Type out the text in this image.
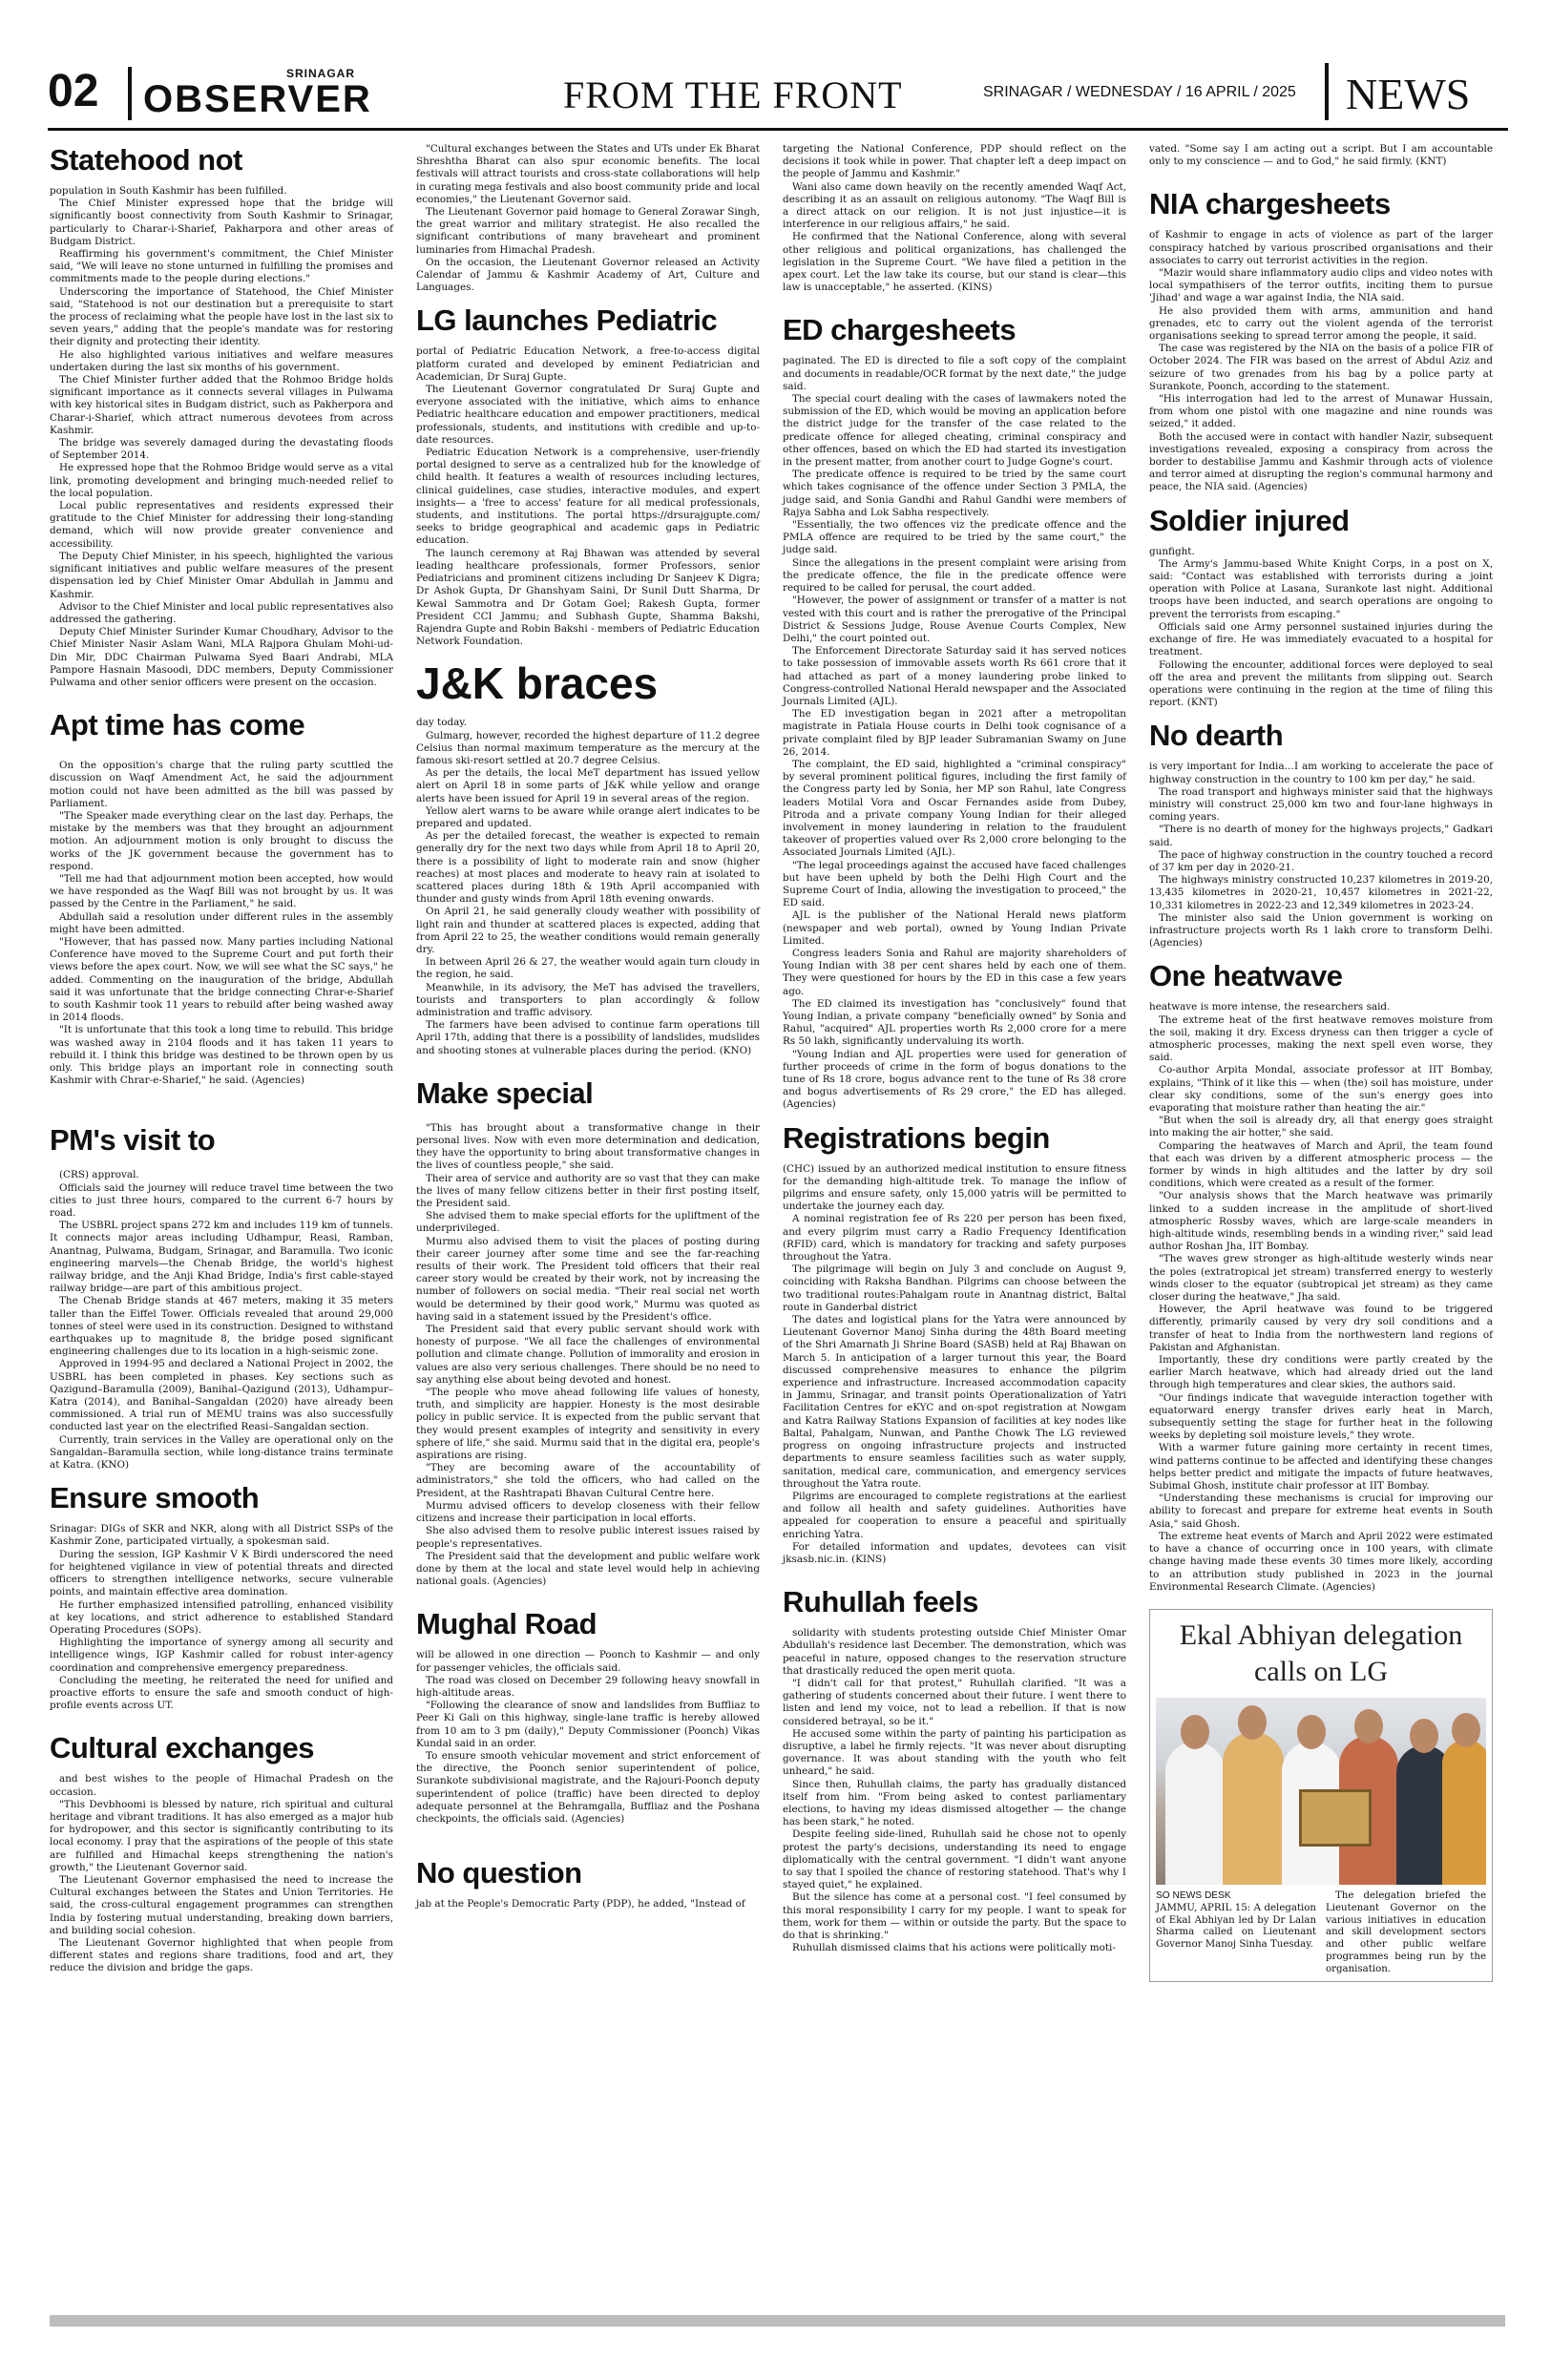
02	SRINAGAR
OBSERVER	FROM THE FRONT	SRINAGAR / WEDNESDAY / 16 APRIL / 2025 NEWS
Statehood not

population in South Kashmir has been fulfilled.

The Chief Minister expressed hope that the bridge will significantly boost connectivity from South Kashmir to Srinagar, particularly to Charar-i-Sharief, Pakharpora and other areas of Budgam District.

Reaffirming his government's commitment, the Chief Minister said, "We will leave no stone unturned in fulfilling the promises and commitments made to the people during elections."

Underscoring the importance of Statehood, the Chief Minister said, "Statehood is not our destination but a prerequisite to start the process of reclaiming what the people have lost in the last six to seven years," adding that the people's mandate was for restoring their dignity and protecting their identity.

He also highlighted various initiatives and welfare measures undertaken during the last six months of his government.

The Chief Minister further added that the Rohmoo Bridge holds significant importance as it connects several villages in Pulwama with key historical sites in Budgam district, such as Pakherpora and Charar-i-Sharief, which attract numerous devotees from across Kashmir.

The bridge was severely damaged during the devastating floods of September 2014.

He expressed hope that the Rohmoo Bridge would serve as a vital link, promoting development and bringing much-needed relief to the local population.

Local public representatives and residents expressed their gratitude to the Chief Minister for addressing their long-standing demand, which will now provide greater convenience and accessibility.

The Deputy Chief Minister, in his speech, highlighted the various significant initiatives and public welfare measures of the present dispensation led by Chief Minister Omar Abdullah in Jammu and Kashmir.

Advisor to the Chief Minister and local public representatives also addressed the gathering.

Deputy Chief Minister Surinder Kumar Choudhary, Advisor to the Chief Minister Nasir Aslam Wani, MLA Rajpora Ghulam Mohi-ud-Din Mir, DDC Chairman Pulwama Syed Baari Andrabi, MLA Pampore Hasnain Masoodi, DDC members, Deputy Commissioner Pulwama and other senior officers were present on the occasion.

Apt time has come

On the opposition's charge that the ruling party scuttled the discussion on Waqf Amendment Act, he said the adjournment motion could not have been admitted as the bill was passed by Parliament.

"The Speaker made everything clear on the last day. Perhaps, the mistake by the members was that they brought an adjournment motion. An adjournment motion is only brought to discuss the works of the JK government because the government has to respond.

"Tell me had that adjournment motion been accepted, how would we have responded as the Waqf Bill was not brought by us. It was passed by the Centre in the Parliament," he said.

Abdullah said a resolution under different rules in the assembly might have been admitted.

"However, that has passed now. Many parties including National Conference have moved to the Supreme Court and put forth their views before the apex court. Now, we will see what the SC says," he added. Commenting on the inauguration of the bridge, Abdullah said it was unfortunate that the bridge connecting Chrar-e-Sharief to south Kashmir took 11 years to rebuild after being washed away in 2014 floods.

"It is unfortunate that this took a long time to rebuild. This bridge was washed away in 2104 floods and it has taken 11 years to rebuild it. I think this bridge was destined to be thrown open by us only. This bridge plays an important role in connecting south Kashmir with Chrar-e-Sharief," he said. (Agencies)

PM's visit to

(CRS) approval.

Officials said the journey will reduce travel time between the two cities to just three hours, compared to the current 6-7 hours by road.

The USBRL project spans 272 km and includes 119 km of tunnels. It connects major areas including Udhampur, Reasi, Ramban, Anantnag, Pulwama, Budgam, Srinagar, and Baramulla. Two iconic engineering marvels—the Chenab Bridge, the world's highest railway bridge, and the Anji Khad Bridge, India's first cable-stayed railway bridge—are part of this ambitious project.

The Chenab Bridge stands at 467 meters, making it 35 meters taller than the Eiffel Tower. Officials revealed that around 29,000 tonnes of steel were used in its construction. Designed to withstand earthquakes up to magnitude 8, the bridge posed significant engineering challenges due to its location in a high-seismic zone.

Approved in 1994-95 and declared a National Project in 2002, the USBRL has been completed in phases. Key sections such as Qazigund–Baramulla (2009), Banihal–Qazigund (2013), Udhampur–Katra (2014), and Banihal–Sangaldan (2020) have already been commissioned. A trial run of MEMU trains was also successfully conducted last year on the electrified Reasi–Sangaldan section.

Currently, train services in the Valley are operational only on the Sangaldan–Baramulla section, while long-distance trains terminate at Katra. (KNO)

Ensure smooth

Srinagar: DIGs of SKR and NKR, along with all District SSPs of the Kashmir Zone, participated virtually, a spokesman said.

During the session, IGP Kashmir V K Birdi underscored the need for heightened vigilance in view of potential threats and directed officers to strengthen intelligence networks, secure vulnerable points, and maintain effective area domination.

He further emphasized intensified patrolling, enhanced visibility at key locations, and strict adherence to established Standard Operating Procedures (SOPs).

Highlighting the importance of synergy among all security and intelligence wings, IGP Kashmir called for robust inter-agency coordination and comprehensive emergency preparedness.

Concluding the meeting, he reiterated the need for unified and proactive efforts to ensure the safe and smooth conduct of high-profile events across UT.

Cultural exchanges

and best wishes to the people of Himachal Pradesh on the occasion.

"This Devbhoomi is blessed by nature, rich spiritual and cultural heritage and vibrant traditions. It has also emerged as a major hub for hydropower, and this sector is significantly contributing to its local economy. I pray that the aspirations of the people of this state are fulfilled and Himachal keeps strengthening the nation's growth," the Lieutenant Governor said.

The Lieutenant Governor emphasised the need to increase the Cultural exchanges between the States and Union Territories. He said, the cross-cultural engagement programmes can strengthen India by fostering mutual understanding, breaking down barriers, and building social cohesion.

The Lieutenant Governor highlighted that when people from different states and regions share traditions, food and art, they reduce the division and bridge the gaps.

"Cultural exchanges between the States and UTs under Ek Bharat Shreshtha Bharat can also spur economic benefits. The local festivals will attract tourists and cross-state collaborations will help in curating mega festivals and also boost community pride and local economies," the Lieutenant Governor said.

The Lieutenant Governor paid homage to General Zorawar Singh, the great warrior and military strategist. He also recalled the significant contributions of many braveheart and prominent luminaries from Himachal Pradesh.

On the occasion, the Lieutenant Governor released an Activity Calendar of Jammu & Kashmir Academy of Art, Culture and Languages.

LG launches Pediatric

portal of Pediatric Education Network, a free-to-access digital platform curated and developed by eminent Pediatrician and Academician, Dr Suraj Gupte.

The Lieutenant Governor congratulated Dr Suraj Gupte and everyone associated with the initiative, which aims to enhance Pediatric healthcare education and empower practitioners, medical professionals, students, and institutions with credible and up-to-date resources.

Pediatric Education Network is a comprehensive, user-friendly portal designed to serve as a centralized hub for the knowledge of child health. It features a wealth of resources including lectures, clinical guidelines, case studies, interactive modules, and expert insights— a 'free to access' feature for all medical professionals, students, and institutions. The portal https://drsurajgupte.com/ seeks to bridge geographical and academic gaps in Pediatric education.

The launch ceremony at Raj Bhawan was attended by several leading healthcare professionals, former Professors, senior Pediatricians and prominent citizens including Dr Sanjeev K Digra; Dr Ashok Gupta, Dr Ghanshyam Saini, Dr Sunil Dutt Sharma, Dr Kewal Sammotra and Dr Gotam Goel; Rakesh Gupta, former President CCI Jammu; and Subhash Gupte, Shamma Bakshi, Rajendra Gupte and Robin Bakshi - members of Pediatric Education Network Foundation.

J&K braces

day today.

Gulmarg, however, recorded the highest departure of 11.2 degree Celsius than normal maximum temperature as the mercury at the famous ski-resort settled at 20.7 degree Celsius.

As per the details, the local MeT department has issued yellow alert on April 18 in some parts of J&K while yellow and orange alerts have been issued for April 19 in several areas of the region.

Yellow alert warns to be aware while orange alert indicates to be prepared and updated.

As per the detailed forecast, the weather is expected to remain generally dry for the next two days while from April 18 to April 20, there is a possibility of light to moderate rain and snow (higher reaches) at most places and moderate to heavy rain at isolated to scattered places during 18th & 19th April accompanied with thunder and gusty winds from April 18th evening onwards.

On April 21, he said generally cloudy weather with possibility of light rain and thunder at scattered places is expected, adding that from April 22 to 25, the weather conditions would remain generally dry.

In between April 26 & 27, the weather would again turn cloudy in the region, he said.

Meanwhile, in its advisory, the MeT has advised the travellers, tourists and transporters to plan accordingly & follow administration and traffic advisory.

The farmers have been advised to continue farm operations till April 17th, adding that there is a possibility of landslides, mudslides and shooting stones at vulnerable places during the period. (KNO)

Make special

"This has brought about a transformative change in their personal lives. Now with even more determination and dedication, they have the opportunity to bring about transformative changes in the lives of countless people," she said.

Their area of service and authority are so vast that they can make the lives of many fellow citizens better in their first posting itself, the President said.

She advised them to make special efforts for the upliftment of the underprivileged.

Murmu also advised them to visit the places of posting during their career journey after some time and see the far-reaching results of their work. The President told officers that their real career story would be created by their work, not by increasing the number of followers on social media. "Their real social net worth would be determined by their good work," Murmu was quoted as having said in a statement issued by the President's office.

The President said that every public servant should work with honesty of purpose. "We all face the challenges of environmental pollution and climate change. Pollution of immorality and erosion in values are also very serious challenges. There should be no need to say anything else about being devoted and honest.

"The people who move ahead following life values of honesty, truth, and simplicity are happier. Honesty is the most desirable policy in public service. It is expected from the public servant that they would present examples of integrity and sensitivity in every sphere of life," she said. Murmu said that in the digital era, people's aspirations are rising.

"They are becoming aware of the accountability of administrators," she told the officers, who had called on the President, at the Rashtrapati Bhavan Cultural Centre here.

Murmu advised officers to develop closeness with their fellow citizens and increase their participation in local efforts.

She also advised them to resolve public interest issues raised by people's representatives.

The President said that the development and public welfare work done by them at the local and state level would help in achieving national goals. (Agencies)

Mughal Road

will be allowed in one direction — Poonch to Kashmir — and only for passenger vehicles, the officials said.

The road was closed on December 29 following heavy snowfall in high-altitude areas.

"Following the clearance of snow and landslides from Buffliaz to Peer Ki Gali on this highway, single-lane traffic is hereby allowed from 10 am to 3 pm (daily)," Deputy Commissioner (Poonch) Vikas Kundal said in an order.

To ensure smooth vehicular movement and strict enforcement of the directive, the Poonch senior superintendent of police, Surankote subdivisional magistrate, and the Rajouri-Poonch deputy superintendent of police (traffic) have been directed to deploy adequate personnel at the Behramgalla, Buffliaz and the Poshana checkpoints, the officials said. (Agencies)

No question

jab at the People's Democratic Party (PDP), he added, "Instead of

targeting the National Conference, PDP should reflect on the decisions it took while in power. That chapter left a deep impact on the people of Jammu and Kashmir."

Wani also came down heavily on the recently amended Waqf Act, describing it as an assault on religious autonomy. "The Waqf Bill is a direct attack on our religion. It is not just injustice—it is interference in our religious affairs," he said.

He confirmed that the National Conference, along with several other religious and political organizations, has challenged the legislation in the Supreme Court. "We have filed a petition in the apex court. Let the law take its course, but our stand is clear—this law is unacceptable," he asserted. (KINS)

ED chargesheets

paginated. The ED is directed to file a soft copy of the complaint and documents in readable/OCR format by the next date," the judge said.

The special court dealing with the cases of lawmakers noted the submission of the ED, which would be moving an application before the district judge for the transfer of the case related to the predicate offence for alleged cheating, criminal conspiracy and other offences, based on which the ED had started its investigation in the present matter, from another court to Judge Gogne's court.

The predicate offence is required to be tried by the same court which takes cognisance of the offence under Section 3 PMLA, the judge said, and Sonia Gandhi and Rahul Gandhi were members of Rajya Sabha and Lok Sabha respectively.

"Essentially, the two offences viz the predicate offence and the PMLA offence are required to be tried by the same court," the judge said.

Since the allegations in the present complaint were arising from the predicate offence, the file in the predicate offence were required to be called for perusal, the court added.

"However, the power of assignment or transfer of a matter is not vested with this court and is rather the prerogative of the Principal District & Sessions Judge, Rouse Avenue Courts Complex, New Delhi," the court pointed out.

The Enforcement Directorate Saturday said it has served notices to take possession of immovable assets worth Rs 661 crore that it had attached as part of a money laundering probe linked to Congress-controlled National Herald newspaper and the Associated Journals Limited (AJL).

The ED investigation began in 2021 after a metropolitan magistrate in Patiala House courts in Delhi took cognisance of a private complaint filed by BJP leader Subramanian Swamy on June 26, 2014.

The complaint, the ED said, highlighted a "criminal conspiracy" by several prominent political figures, including the first family of the Congress party led by Sonia, her MP son Rahul, late Congress leaders Motilal Vora and Oscar Fernandes aside from Dubey, Pitroda and a private company Young Indian for their alleged involvement in money laundering in relation to the fraudulent takeover of properties valued over Rs 2,000 crore belonging to the Associated Journals Limited (AJL).

"The legal proceedings against the accused have faced challenges but have been upheld by both the Delhi High Court and the Supreme Court of India, allowing the investigation to proceed," the ED said.

AJL is the publisher of the National Herald news platform (newspaper and web portal), owned by Young Indian Private Limited.

Congress leaders Sonia and Rahul are majority shareholders of Young Indian with 38 per cent shares held by each one of them. They were questioned for hours by the ED in this case a few years ago.

The ED claimed its investigation has "conclusively" found that Young Indian, a private company "beneficially owned" by Sonia and Rahul, "acquired" AJL properties worth Rs 2,000 crore for a mere Rs 50 lakh, significantly undervaluing its worth.

"Young Indian and AJL properties were used for generation of further proceeds of crime in the form of bogus donations to the tune of Rs 18 crore, bogus advance rent to the tune of Rs 38 crore and bogus advertisements of Rs 29 crore," the ED has alleged. (Agencies)

Registrations begin

(CHC) issued by an authorized medical institution to ensure fitness for the demanding high-altitude trek. To manage the inflow of pilgrims and ensure safety, only 15,000 yatris will be permitted to undertake the journey each day.

A nominal registration fee of Rs 220 per person has been fixed, and every pilgrim must carry a Radio Frequency Identification (RFID) card, which is mandatory for tracking and safety purposes throughout the Yatra.

The pilgrimage will begin on July 3 and conclude on August 9, coinciding with Raksha Bandhan. Pilgrims can choose between the two traditional routes:Pahalgam route in Anantnag district, Baltal route in Ganderbal district

The dates and logistical plans for the Yatra were announced by Lieutenant Governor Manoj Sinha during the 48th Board meeting of the Shri Amarnath Ji Shrine Board (SASB) held at Raj Bhawan on March 5. In anticipation of a larger turnout this year, the Board discussed comprehensive measures to enhance the pilgrim experience and infrastructure. Increased accommodation capacity in Jammu, Srinagar, and transit points Operationalization of Yatri Facilitation Centres for eKYC and on-spot registration at Nowgam and Katra Railway Stations Expansion of facilities at key nodes like Baltal, Pahalgam, Nunwan, and Panthe Chowk The LG reviewed progress on ongoing infrastructure projects and instructed departments to ensure seamless facilities such as water supply, sanitation, medical care, communication, and emergency services throughout the Yatra route.

Pilgrims are encouraged to complete registrations at the earliest and follow all health and safety guidelines. Authorities have appealed for cooperation to ensure a peaceful and spiritually enriching Yatra.

For detailed information and updates, devotees can visit jksasb.nic.in. (KINS)

Ruhullah feels

solidarity with students protesting outside Chief Minister Omar Abdullah's residence last December. The demonstration, which was peaceful in nature, opposed changes to the reservation structure that drastically reduced the open merit quota.

"I didn't call for that protest," Ruhullah clarified. "It was a gathering of students concerned about their future. I went there to listen and lend my voice, not to lead a rebellion. If that is now considered betrayal, so be it."

He accused some within the party of painting his participation as disruptive, a label he firmly rejects. "It was never about disrupting governance. It was about standing with the youth who felt unheard," he said.

Since then, Ruhullah claims, the party has gradually distanced itself from him. "From being asked to contest parliamentary elections, to having my ideas dismissed altogether — the change has been stark," he noted.

Despite feeling side-lined, Ruhullah said he chose not to openly protest the party's decisions, understanding its need to engage diplomatically with the central government. "I didn't want anyone to say that I spoiled the chance of restoring statehood. That's why I stayed quiet," he explained.

But the silence has come at a personal cost. "I feel consumed by this moral responsibility I carry for my people. I want to speak for them, work for them — within or outside the party. But the space to do that is shrinking."

Ruhullah dismissed claims that his actions were politically moti-

vated. "Some say I am acting out a script. But I am accountable only to my conscience — and to God," he said firmly. (KNT)

NIA chargesheets

of Kashmir to engage in acts of violence as part of the larger conspiracy hatched by various proscribed organisations and their associates to carry out terrorist activities in the region.

"Mazir would share inflammatory audio clips and video notes with local sympathisers of the terror outfits, inciting them to pursue 'Jihad' and wage a war against India, the NIA said.

He also provided them with arms, ammunition and hand grenades, etc to carry out the violent agenda of the terrorist organisations seeking to spread terror among the people, it said.

The case was registered by the NIA on the basis of a police FIR of October 2024. The FIR was based on the arrest of Abdul Aziz and seizure of two grenades from his bag by a police party at Surankote, Poonch, according to the statement.

"His interrogation had led to the arrest of Munawar Hussain, from whom one pistol with one magazine and nine rounds was seized," it added.

Both the accused were in contact with handler Nazir, subsequent investigations revealed, exposing a conspiracy from across the border to destabilise Jammu and Kashmir through acts of violence and terror aimed at disrupting the region's communal harmony and peace, the NIA said. (Agencies)

Soldier injured

gunfight.

The Army's Jammu-based White Knight Corps, in a post on X, said: "Contact was established with terrorists during a joint operation with Police at Lasana, Surankote last night. Additional troops have been inducted, and search operations are ongoing to prevent the terrorists from escaping."

Officials said one Army personnel sustained injuries during the exchange of fire. He was immediately evacuated to a hospital for treatment.

Following the encounter, additional forces were deployed to seal off the area and prevent the militants from slipping out. Search operations were continuing in the region at the time of filing this report. (KNT)

No dearth

is very important for India…I am working to accelerate the pace of highway construction in the country to 100 km per day," he said.

The road transport and highways minister said that the highways ministry will construct 25,000 km two and four-lane highways in coming years.

"There is no dearth of money for the highways projects," Gadkari said.

The pace of highway construction in the country touched a record of 37 km per day in 2020-21.

The highways ministry constructed 10,237 kilometres in 2019-20, 13,435 kilometres in 2020-21, 10,457 kilometres in 2021-22, 10,331 kilometres in 2022-23 and 12,349 kilometres in 2023-24.

The minister also said the Union government is working on infrastructure projects worth Rs 1 lakh crore to transform Delhi. (Agencies)

One heatwave

heatwave is more intense, the researchers said.

The extreme heat of the first heatwave removes moisture from the soil, making it dry. Excess dryness can then trigger a cycle of atmospheric processes, making the next spell even worse, they said.

Co-author Arpita Mondal, associate professor at IIT Bombay, explains, "Think of it like this — when (the) soil has moisture, under clear sky conditions, some of the sun's energy goes into evaporating that moisture rather than heating the air."

"But when the soil is already dry, all that energy goes straight into making the air hotter," she said.

Comparing the heatwaves of March and April, the team found that each was driven by a different atmospheric process — the former by winds in high altitudes and the latter by dry soil conditions, which were created as a result of the former.

"Our analysis shows that the March heatwave was primarily linked to a sudden increase in the amplitude of short-lived atmospheric Rossby waves, which are large-scale meanders in high-altitude winds, resembling bends in a winding river," said lead author Roshan Jha, IIT Bombay.

"The waves grew stronger as high-altitude westerly winds near the poles (extratropical jet stream) transferred energy to westerly winds closer to the equator (subtropical jet stream) as they came closer during the heatwave," Jha said.

However, the April heatwave was found to be triggered differently, primarily caused by very dry soil conditions and a transfer of heat to India from the northwestern land regions of Pakistan and Afghanistan.

Importantly, these dry conditions were partly created by the earlier March heatwave, which had already dried out the land through high temperatures and clear skies, the authors said.

"Our findings indicate that waveguide interaction together with equatorward energy transfer drives early heat in March, subsequently setting the stage for further heat in the following weeks by depleting soil moisture levels," they wrote.

With a warmer future gaining more certainty in recent times, wind patterns continue to be affected and identifying these changes helps better predict and mitigate the impacts of future heatwaves, Subimal Ghosh, institute chair professor at IIT Bombay.

"Understanding these mechanisms is crucial for improving our ability to forecast and prepare for extreme heat events in South Asia," said Ghosh.

The extreme heat events of March and April 2022 were estimated to have a chance of occurring once in 100 years, with climate change having made these events 30 times more likely, according to an attribution study published in 2023 in the journal Environmental Research Climate. (Agencies)

Ekal Abhiyan delegation calls on LG

SO NEWS DESK

JAMMU, APRIL 15: A delegation of Ekal Abhiyan led by Dr Lalan Sharma called on Lieutenant Governor Manoj Sinha Tuesday.

The delegation briefed the Lieutenant Governor on the various initiatives in education and skill development sectors and other public welfare programmes being run by the organisation.
